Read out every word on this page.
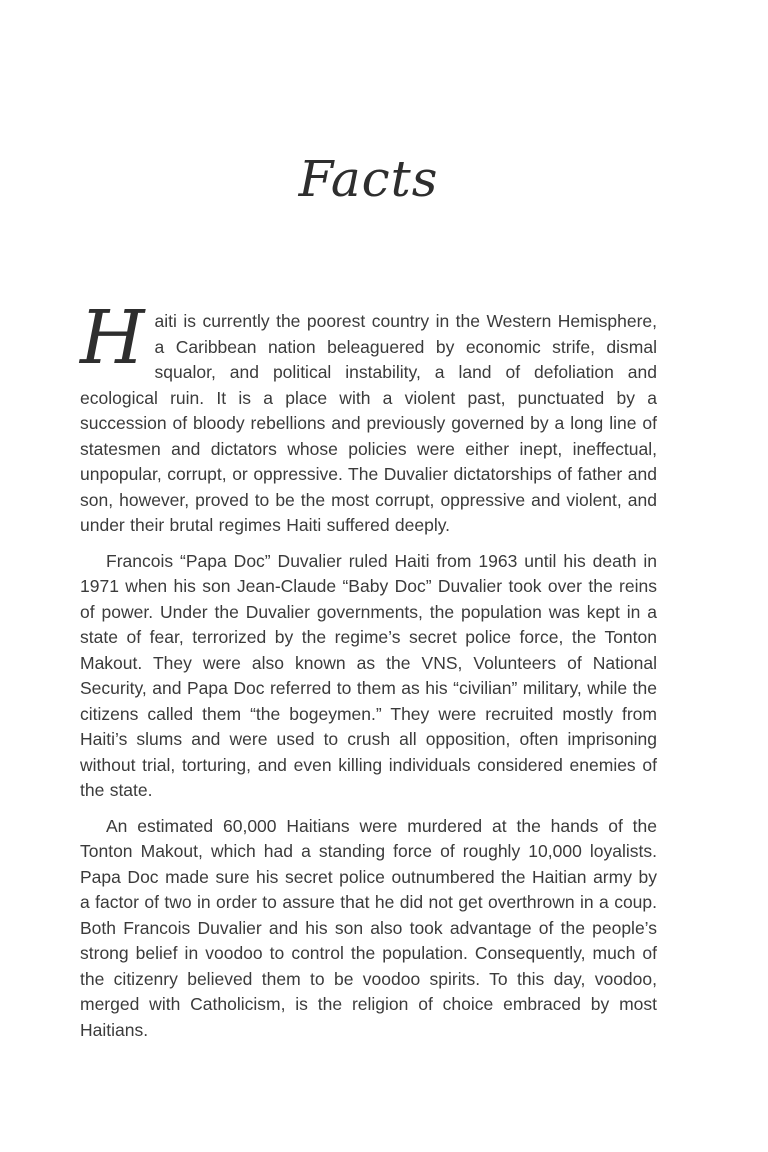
Facts

Haiti is currently the poorest country in the Western Hemisphere, a Caribbean nation beleaguered by economic strife, dismal squalor, and political instability, a land of defoliation and ecological ruin. It is a place with a violent past, punctuated by a succession of bloody rebellions and previously governed by a long line of statesmen and dictators whose policies were either inept, ineffectual, unpopular, corrupt, or oppressive. The Duvalier dictatorships of father and son, however, proved to be the most corrupt, oppressive and violent, and under their brutal regimes Haiti suffered deeply.

Francois “Papa Doc” Duvalier ruled Haiti from 1963 until his death in 1971 when his son Jean-Claude “Baby Doc” Duvalier took over the reins of power. Under the Duvalier governments, the population was kept in a state of fear, terrorized by the regime’s secret police force, the Tonton Makout. They were also known as the VNS, Volunteers of National Security, and Papa Doc referred to them as his “civilian” military, while the citizens called them “the bogeymen.” They were recruited mostly from Haiti’s slums and were used to crush all opposition, often imprisoning without trial, torturing, and even killing individuals considered enemies of the state.

An estimated 60,000 Haitians were murdered at the hands of the Tonton Makout, which had a standing force of roughly 10,000 loyalists. Papa Doc made sure his secret police outnumbered the Haitian army by a factor of two in order to assure that he did not get overthrown in a coup. Both Francois Duvalier and his son also took advantage of the people’s strong belief in voodoo to control the population. Consequently, much of the citizenry believed them to be voodoo spirits. To this day, voodoo, merged with Catholicism, is the religion of choice embraced by most Haitians.
